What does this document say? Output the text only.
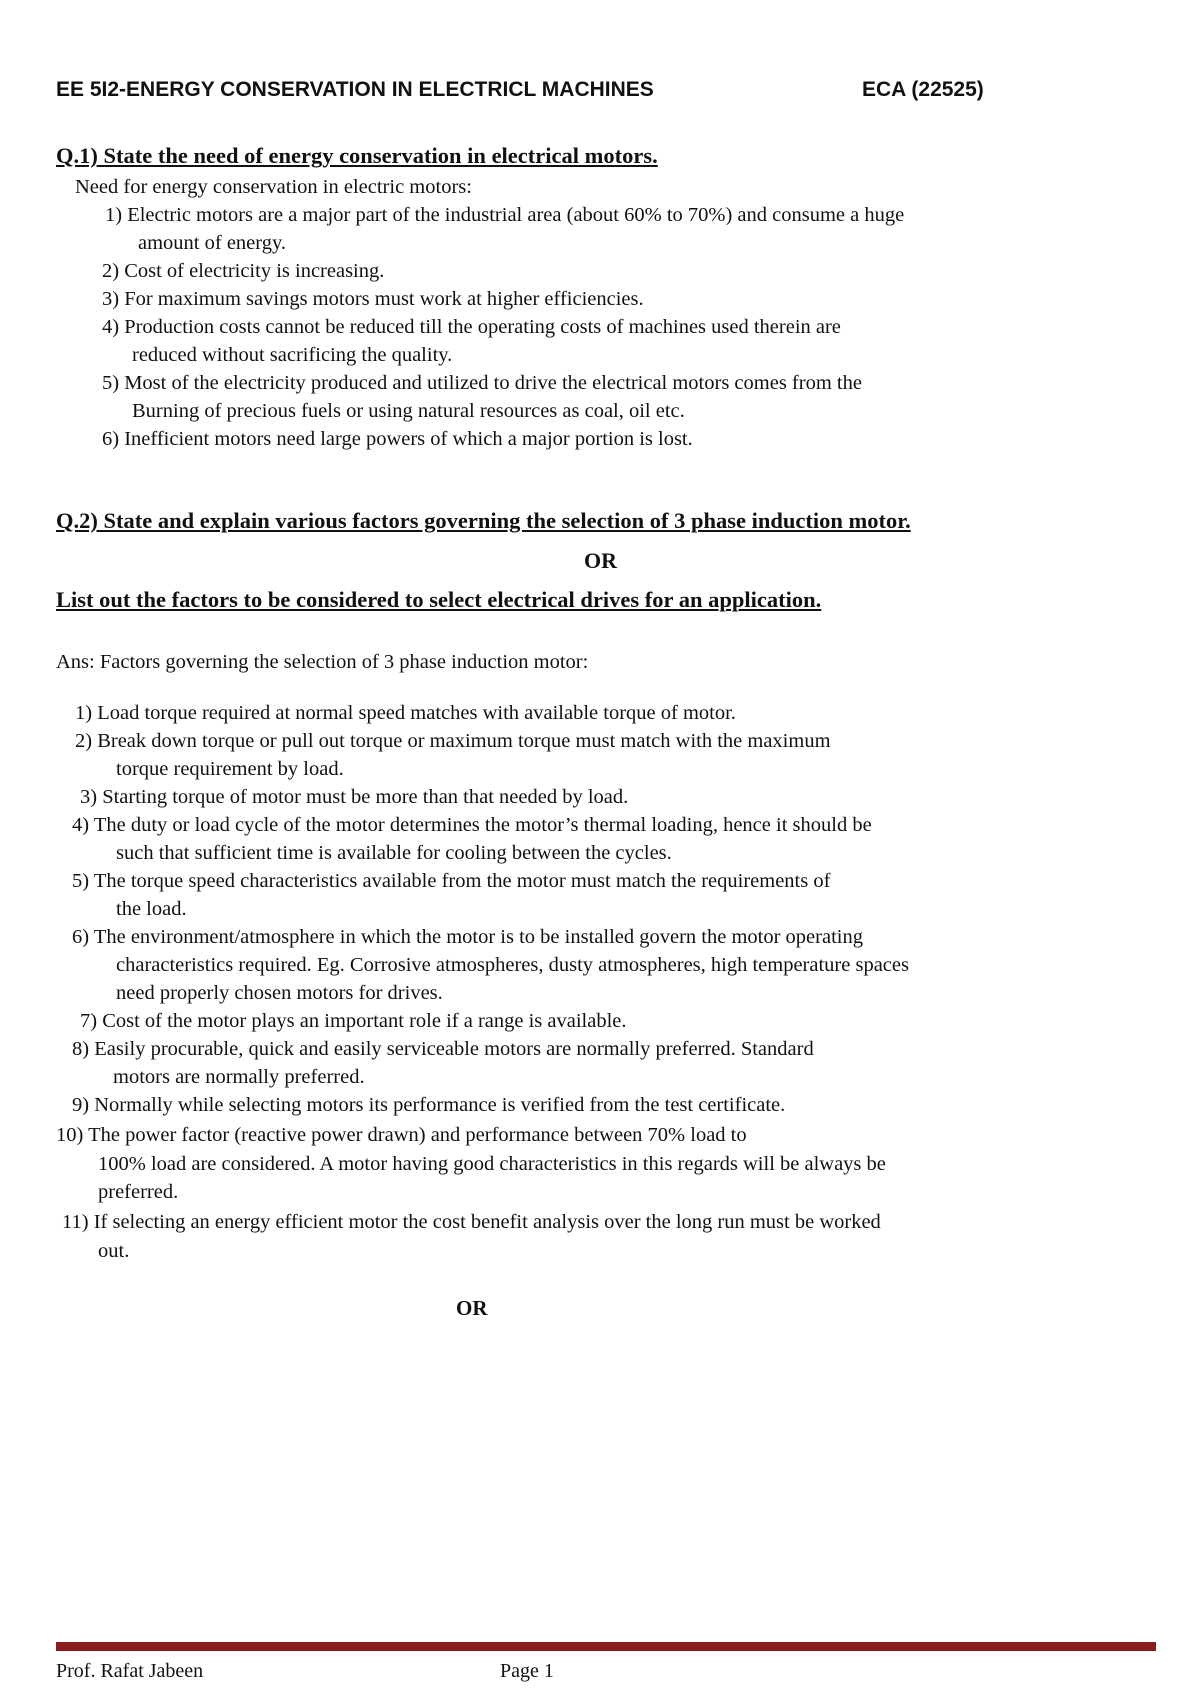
EE 5I2-ENERGY CONSERVATION IN ELECTRICL MACHINES	ECA (22525)
Q.1) State the need of energy conservation in electrical motors.
Need for energy conservation in electric motors:
1) Electric motors are a major part of the industrial area (about 60% to 70%) and consume a huge
amount of energy.
2) Cost of electricity is increasing.
3) For maximum savings motors must work at higher efficiencies.
4) Production costs cannot be reduced till the operating costs of machines used therein are
reduced without sacrificing the quality.
5) Most of the electricity produced and utilized to drive the electrical motors comes from the
Burning of precious fuels or using natural resources as coal, oil etc.
6) Inefficient motors need large powers of which a major portion is lost.
Q.2) State and explain various factors governing the selection of 3 phase induction motor.
OR
List out the factors to be considered to select electrical drives for an application.
Ans: Factors governing the selection of 3 phase induction motor:
1) Load torque required at normal speed matches with available torque of motor.
2) Break down torque or pull out torque or maximum torque must match with the maximum
torque requirement by load.
3) Starting torque of motor must be more than that needed by load.
4) The duty or load cycle of the motor determines the motor’s thermal loading, hence it should be
such that sufficient time is available for cooling between the cycles.
5) The torque speed characteristics available from the motor must match the requirements of
the load.
6) The environment/atmosphere in which the motor is to be installed govern the motor operating
characteristics required. Eg. Corrosive atmospheres, dusty atmospheres, high temperature spaces
need properly chosen motors for drives.
7) Cost of the motor plays an important role if a range is available.
8) Easily procurable, quick and easily serviceable motors are normally preferred. Standard
motors are normally preferred.
9) Normally while selecting motors its performance is verified from the test certificate.
10) The power factor (reactive power drawn) and performance between 70% load to
100% load are considered. A motor having good characteristics in this regards will be always be
preferred.
11) If selecting an energy efficient motor the cost benefit analysis over the long run must be worked
out.
OR
Prof. Rafat Jabeen	Page 1
